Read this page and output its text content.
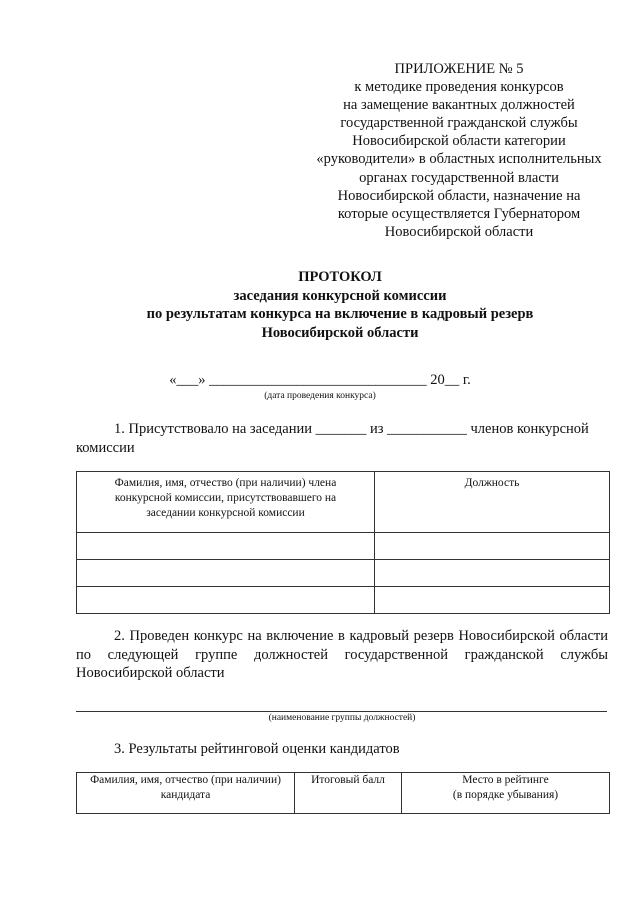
ПРИЛОЖЕНИЕ № 5
к методике проведения конкурсов
на замещение вакантных должностей
государственной гражданской службы
Новосибирской области категории
«руководители» в областных исполнительных
органах государственной власти
Новосибирской области, назначение на
которые осуществляется Губернатором
Новосибирской области
ПРОТОКОЛ
заседания конкурсной комиссии
по результатам конкурса на включение в кадровый резерв
Новосибирской области
«___» ______________________________ 20__ г.
(дата проведения конкурса)
1. Присутствовало на заседании _______ из ___________ членов конкурсной
комиссии
Фамилия, имя, отчество (при наличии) члена конкурсной комиссии, присутствовавшего на заседании конкурсной комиссии	Должность

2. Проведен конкурс на включение в кадровый резерв Новосибирской области по следующей группе должностей государственной гражданской службы Новосибирской области
(наименование группы должностей)
3. Результаты рейтинговой оценки кандидатов
Фамилия, имя, отчество (при наличии) кандидата	Итоговый балл	Место в рейтинге
(в порядке убывания)
